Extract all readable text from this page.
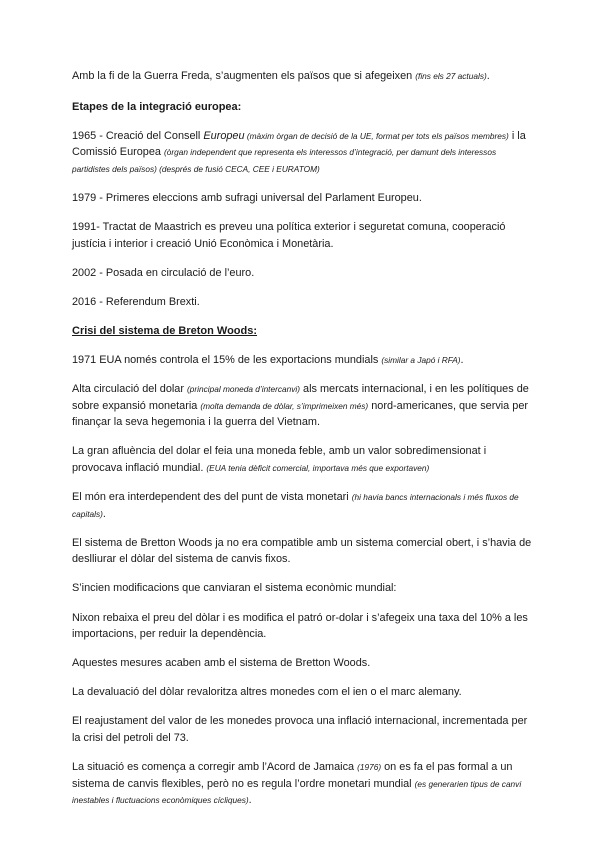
Amb la fi de la Guerra Freda, s’augmenten els països que si afegeixen (fins els 27 actuals).

Etapes de la integració europea:

1965 - Creació del Consell Europeu (màxim òrgan de decisió de la UE, format per tots els països membres) i la Comissió Europea (òrgan independent que representa els interessos d’integració, per damunt dels interessos partidistes dels països) (després de fusió CECA, CEE i EURATOM)

1979 - Primeres eleccions amb sufragi universal del Parlament Europeu.

1991- Tractat de Maastrich es preveu una política exterior i seguretat comuna, cooperació justícia i interior i creació Unió Econòmica i Monetària.

2002 - Posada en circulació de l’euro.

2016 - Referendum Brexti.

Crisi del sistema de Breton Woods:

1971 EUA només controla el 15% de les exportacions mundials (similar a Japó i RFA).

Alta circulació del dolar (principal moneda d’intercanvi) als mercats internacional, i en les polítiques de sobre expansió monetaria (molta demanda de dòlar, s’imprimeixen més) nord-americanes, que servia per finançar la seva hegemonia i la guerra del Vietnam.

La gran afluència del dolar el feia una moneda feble, amb un valor sobredimensionat i provocava inflació mundial. (EUA tenia dèficit comercial, importava més que exportaven)

El món era interdependent des del punt de vista monetari (hi havia bancs internacionals i més fluxos de capitals).

El sistema de Bretton Woods ja no era compatible amb un sistema comercial obert, i s’havia de deslliurar el dòlar del sistema de canvis fixos.

S’incien modificacions que canviaran el sistema econòmic mundial:

Nixon rebaixa el preu del dòlar i es modifica el patró or-dolar i s’afegeix una taxa del 10% a les importacions, per reduir la dependència.

Aquestes mesures acaben amb el sistema de Bretton Woods.

La devaluació del dòlar revaloritza altres monedes com el ien o el marc alemany.

El reajustament del valor de les monedes provoca una inflació internacional, incrementada per la crisi del petroli del 73.

La situació es comença a corregir amb l’Acord de Jamaica (1976) on es fa el pas formal a un sistema de canvis flexibles, però no es regula l’ordre monetari mundial (es generarien tipus de canvi inestables i fluctuacions econòmiques cícliques).
